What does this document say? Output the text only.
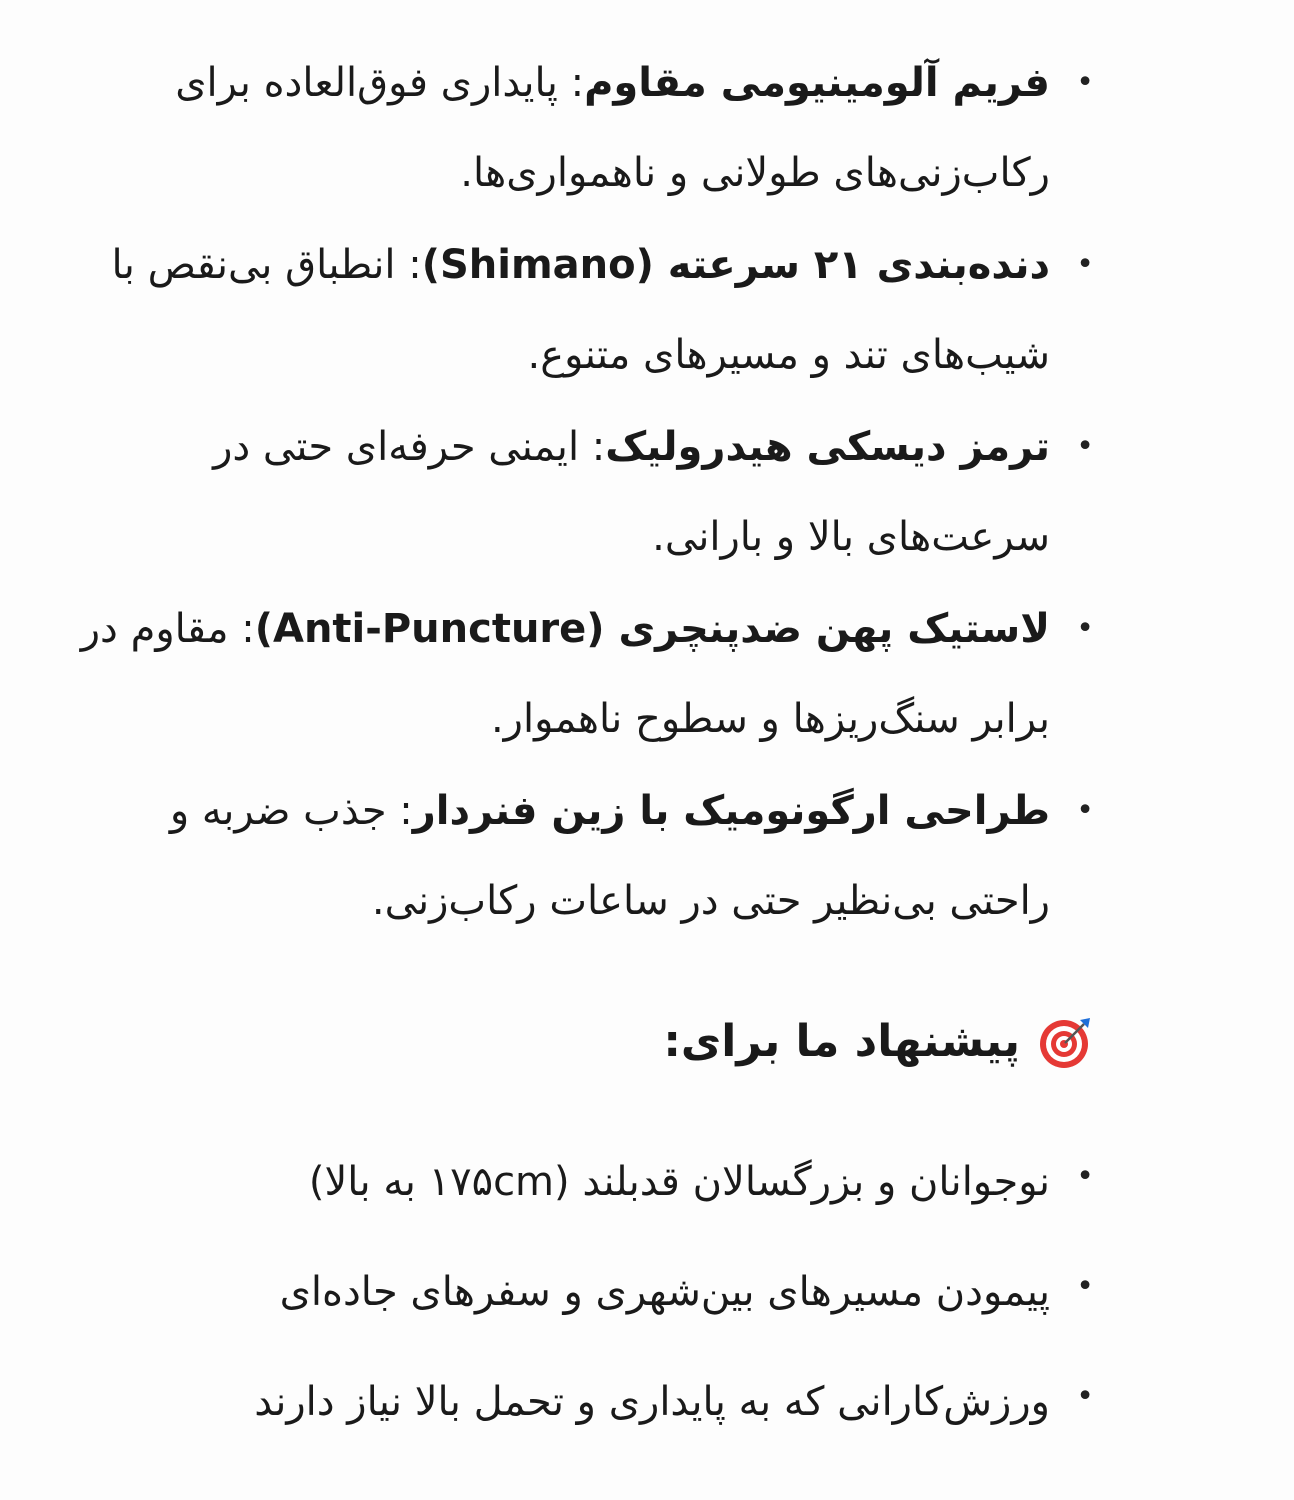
•
فریم آلومینیومی مقاوم: پایداری فوق‌العاده برای رکاب‌زنی‌های طولانی و ناهمواری‌ها.
•
دنده‌بندی ۲۱ سرعته (Shimano): انطباق بی‌نقص با شیب‌های تند و مسیرهای متنوع.
•
ترمز دیسکی هیدرولیک: ایمنی حرفه‌ای حتی در سرعت‌های بالا و بارانی.
•
لاستیک پهن ضدپنچری (Anti-Puncture): مقاوم در برابر سنگ‌ریزها و سطوح ناهموار.
•
طراحی ارگونومیک با زین فنردار: جذب ضربه و راحتی بی‌نظیر حتی در ساعات رکاب‌زنی.
پیشنهاد ما برای:
•
نوجوانان و بزرگسالان قدبلند (۱۷۵cm به بالا)
•
پیمودن مسیرهای بین‌شهری و سفرهای جاده‌ای
•
ورزش‌کارانی که به پایداری و تحمل بالا نیاز دارند
